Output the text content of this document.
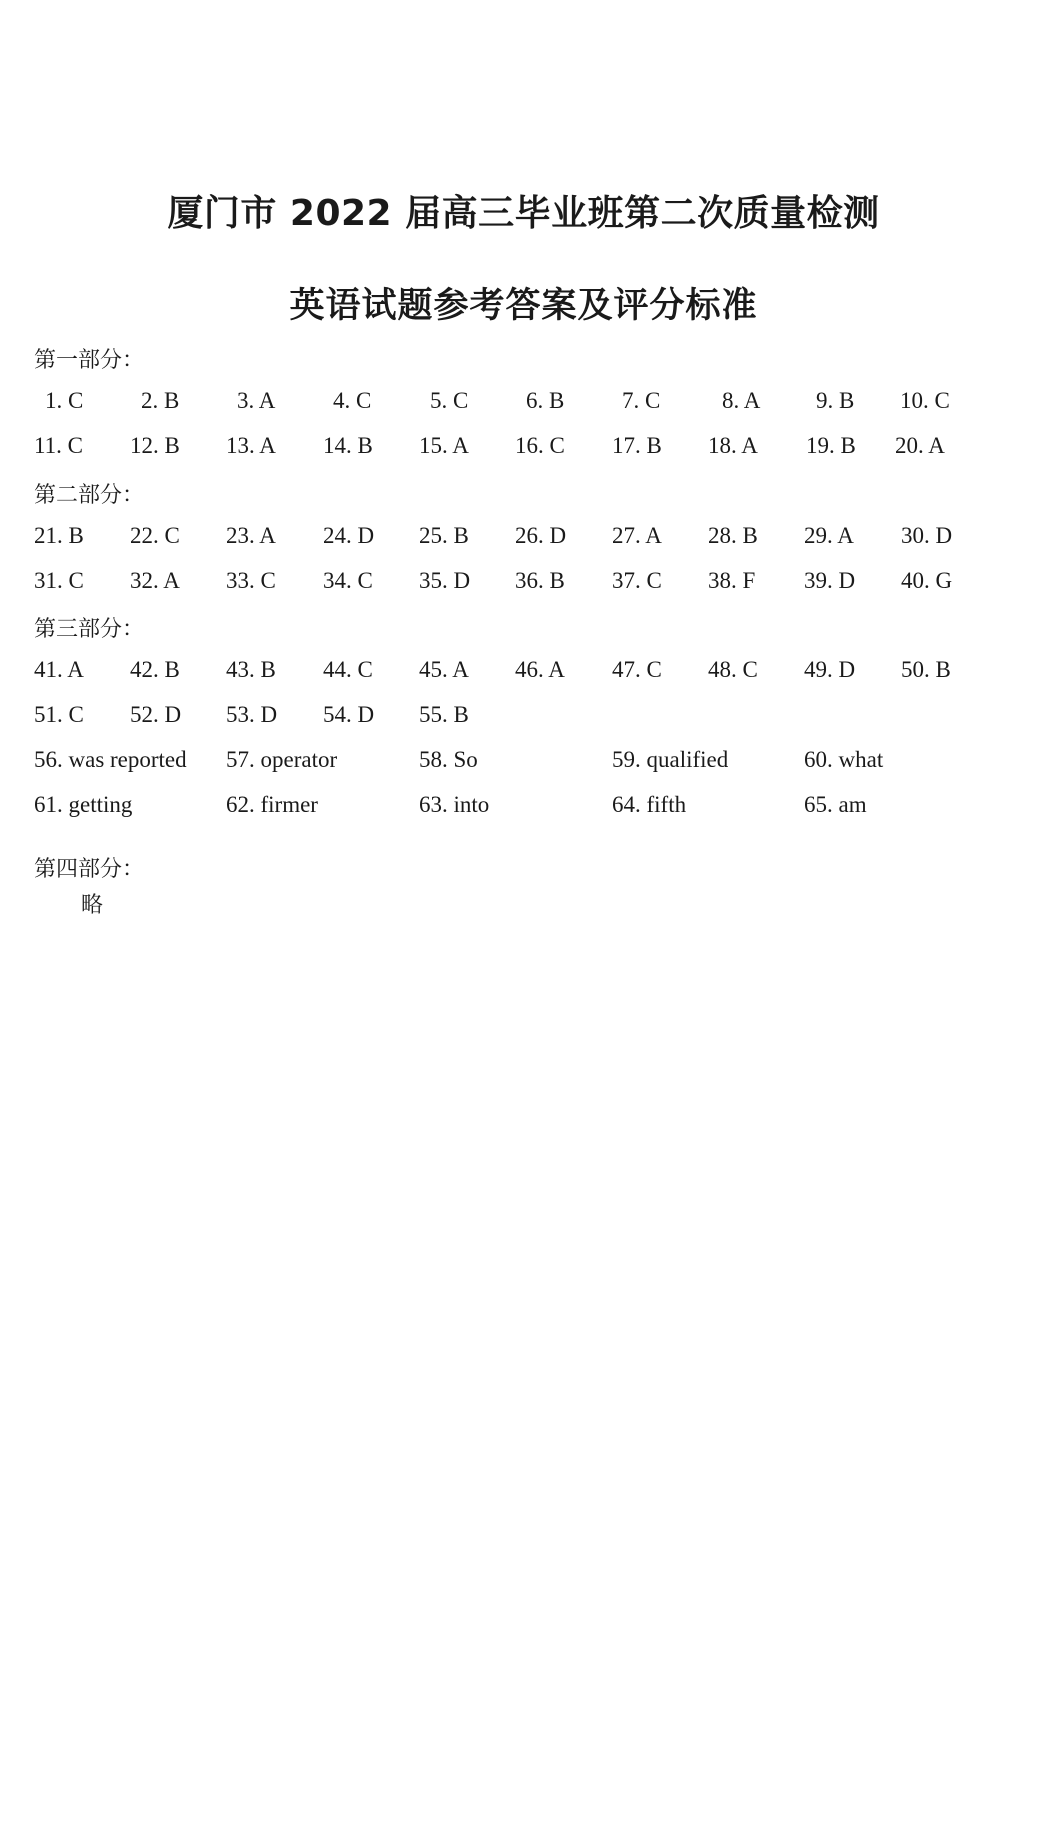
厦门市 2022 届高三毕业班第二次质量检测
英语试题参考答案及评分标准
第一部分：
1. C	2. B	3. A	4. C	5. C	6. B	7. C	8. A 9. B 10. C
11. C 12. B 13. A 14. B 15. A 16. C 17. B 18. A 19. B 20. A
第二部分：
21. B 22. C 23. A 24. D 25. B 26. D 27. A 28. B 29. A 30. D
31. C 32. A 33. C 34. C 35. D 36. B 37. C 38. F 39. D 40. G
第三部分：
41. A 42. B 43. B 44. C 45. A 46. A 47. C 48. C 49. D 50. B
51. C 52. D 53. D 54. D 55. B
56. was reported 57. operator	58. So	59. qualified	60. what
61. getting	62. firmer	63. into	64. fifth	65. am
第四部分：
略
